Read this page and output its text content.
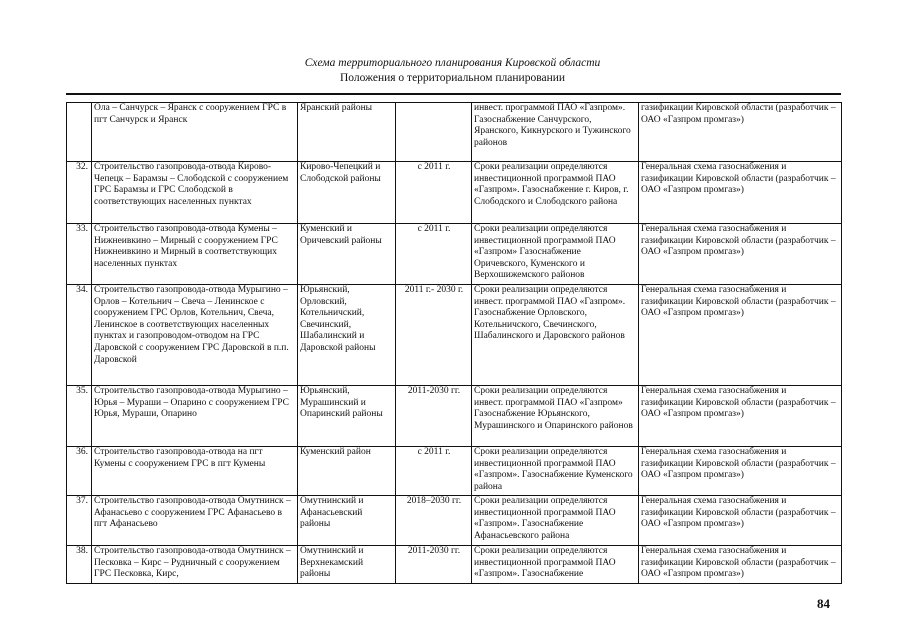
Схема территориального планирования Кировской области
Положения о территориальном планировании
	Ола – Санчурск – Яранск с сооружением ГРС в пгт Санчурск и Яранск	Яранский районы		инвест. программой ПАО «Газпром». Газоснабжение Санчурского, Яранского, Кикнурского и Тужинского районов	газификации Кировской области (разработчик – ОАО «Газпром промгаз»)
32.	Строительство газопровода-отвода Кирово-Чепецк – Барамзы – Слободской с сооружением ГРС Барамзы и ГРС Слободской в соответствующих населенных пунктах	Кирово-Чепецкий и Слободской районы	с 2011 г.	Сроки реализации определяются инвестиционной программой ПАО «Газпром». Газоснабжение г. Киров, г. Слободского и Слободского района	Генеральная схема газоснабжения и газификации Кировской области (разработчик – ОАО «Газпром промгаз»)
33.	Строительство газопровода-отвода Кумены – Нижнеивкино – Мирный с сооружением ГРС Нижнеивкино и Мирный в соответствующих населенных пунктах	Куменский и Оричевский районы	с 2011 г.	Сроки реализации определяются инвестиционной программой ПАО «Газпром» Газоснабжение Оричевского, Куменского и Верхошижемского районов	Генеральная схема газоснабжения и газификации Кировской области (разработчик – ОАО «Газпром промгаз»)
34.	Строительство газопровода-отвода Мурыгино – Орлов – Котельнич – Свеча – Ленинское с сооружением ГРС Орлов, Котельнич, Свеча, Ленинское в соответствующих населенных пунктах и газопроводом-отводом на ГРС Даровской с сооружением ГРС Даровской в п.п. Даровской	Юрьянский, Орловский, Котельничский, Свечинский, Шабалинский и Даровской районы	2011 г.- 2030 г.	Сроки реализации определяются инвест. программой ПАО «Газпром». Газоснабжение Орловского, Котельничского, Свечинского, Шабалинского и Даровского районов	Генеральная схема газоснабжения и газификации Кировской области (разработчик – ОАО «Газпром промгаз»)
35.	Строительство газопровода-отвода Мурыгино – Юрья – Мураши – Опарино с сооружением ГРС Юрья, Мураши, Опарино	Юрьянский, Мурашинский и Опаринский районы	2011-2030 гг.	Сроки реализации определяются инвест. программой ПАО «Газпром» Газоснабжение Юрьянского, Мурашинского и Опаринского районов	Генеральная схема газоснабжения и газификации Кировской области (разработчик – ОАО «Газпром промгаз»)
36.	Строительство газопровода-отвода на пгт Кумены с сооружением ГРС в пгт Кумены	Куменский район	с 2011 г.	Сроки реализации определяются инвестиционной программой ПАО «Газпром». Газоснабжение Куменского района	Генеральная схема газоснабжения и газификации Кировской области (разработчик – ОАО «Газпром промгаз»)
37.	Строительство газопровода-отвода Омутнинск – Афанасьево с сооружением ГРС Афанасьево в пгт Афанасьево	Омутнинский и Афанасьевский районы	2018–2030 гг.	Сроки реализации определяются инвестиционной программой ПАО «Газпром». Газоснабжение Афанасьевского района	Генеральная схема газоснабжения и газификации Кировской области (разработчик – ОАО «Газпром промгаз»)
38.	Строительство газопровода-отвода Омутнинск – Песковка – Кирс – Рудничный с сооружением ГРС Песковка, Кирс,	Омутнинский и Верхнекамский районы	2011-2030 гг.	Сроки реализации определяются инвестиционной программой ПАО «Газпром». Газоснабжение	Генеральная схема газоснабжения и газификации Кировской области (разработчик – ОАО «Газпром промгаз»)
84
